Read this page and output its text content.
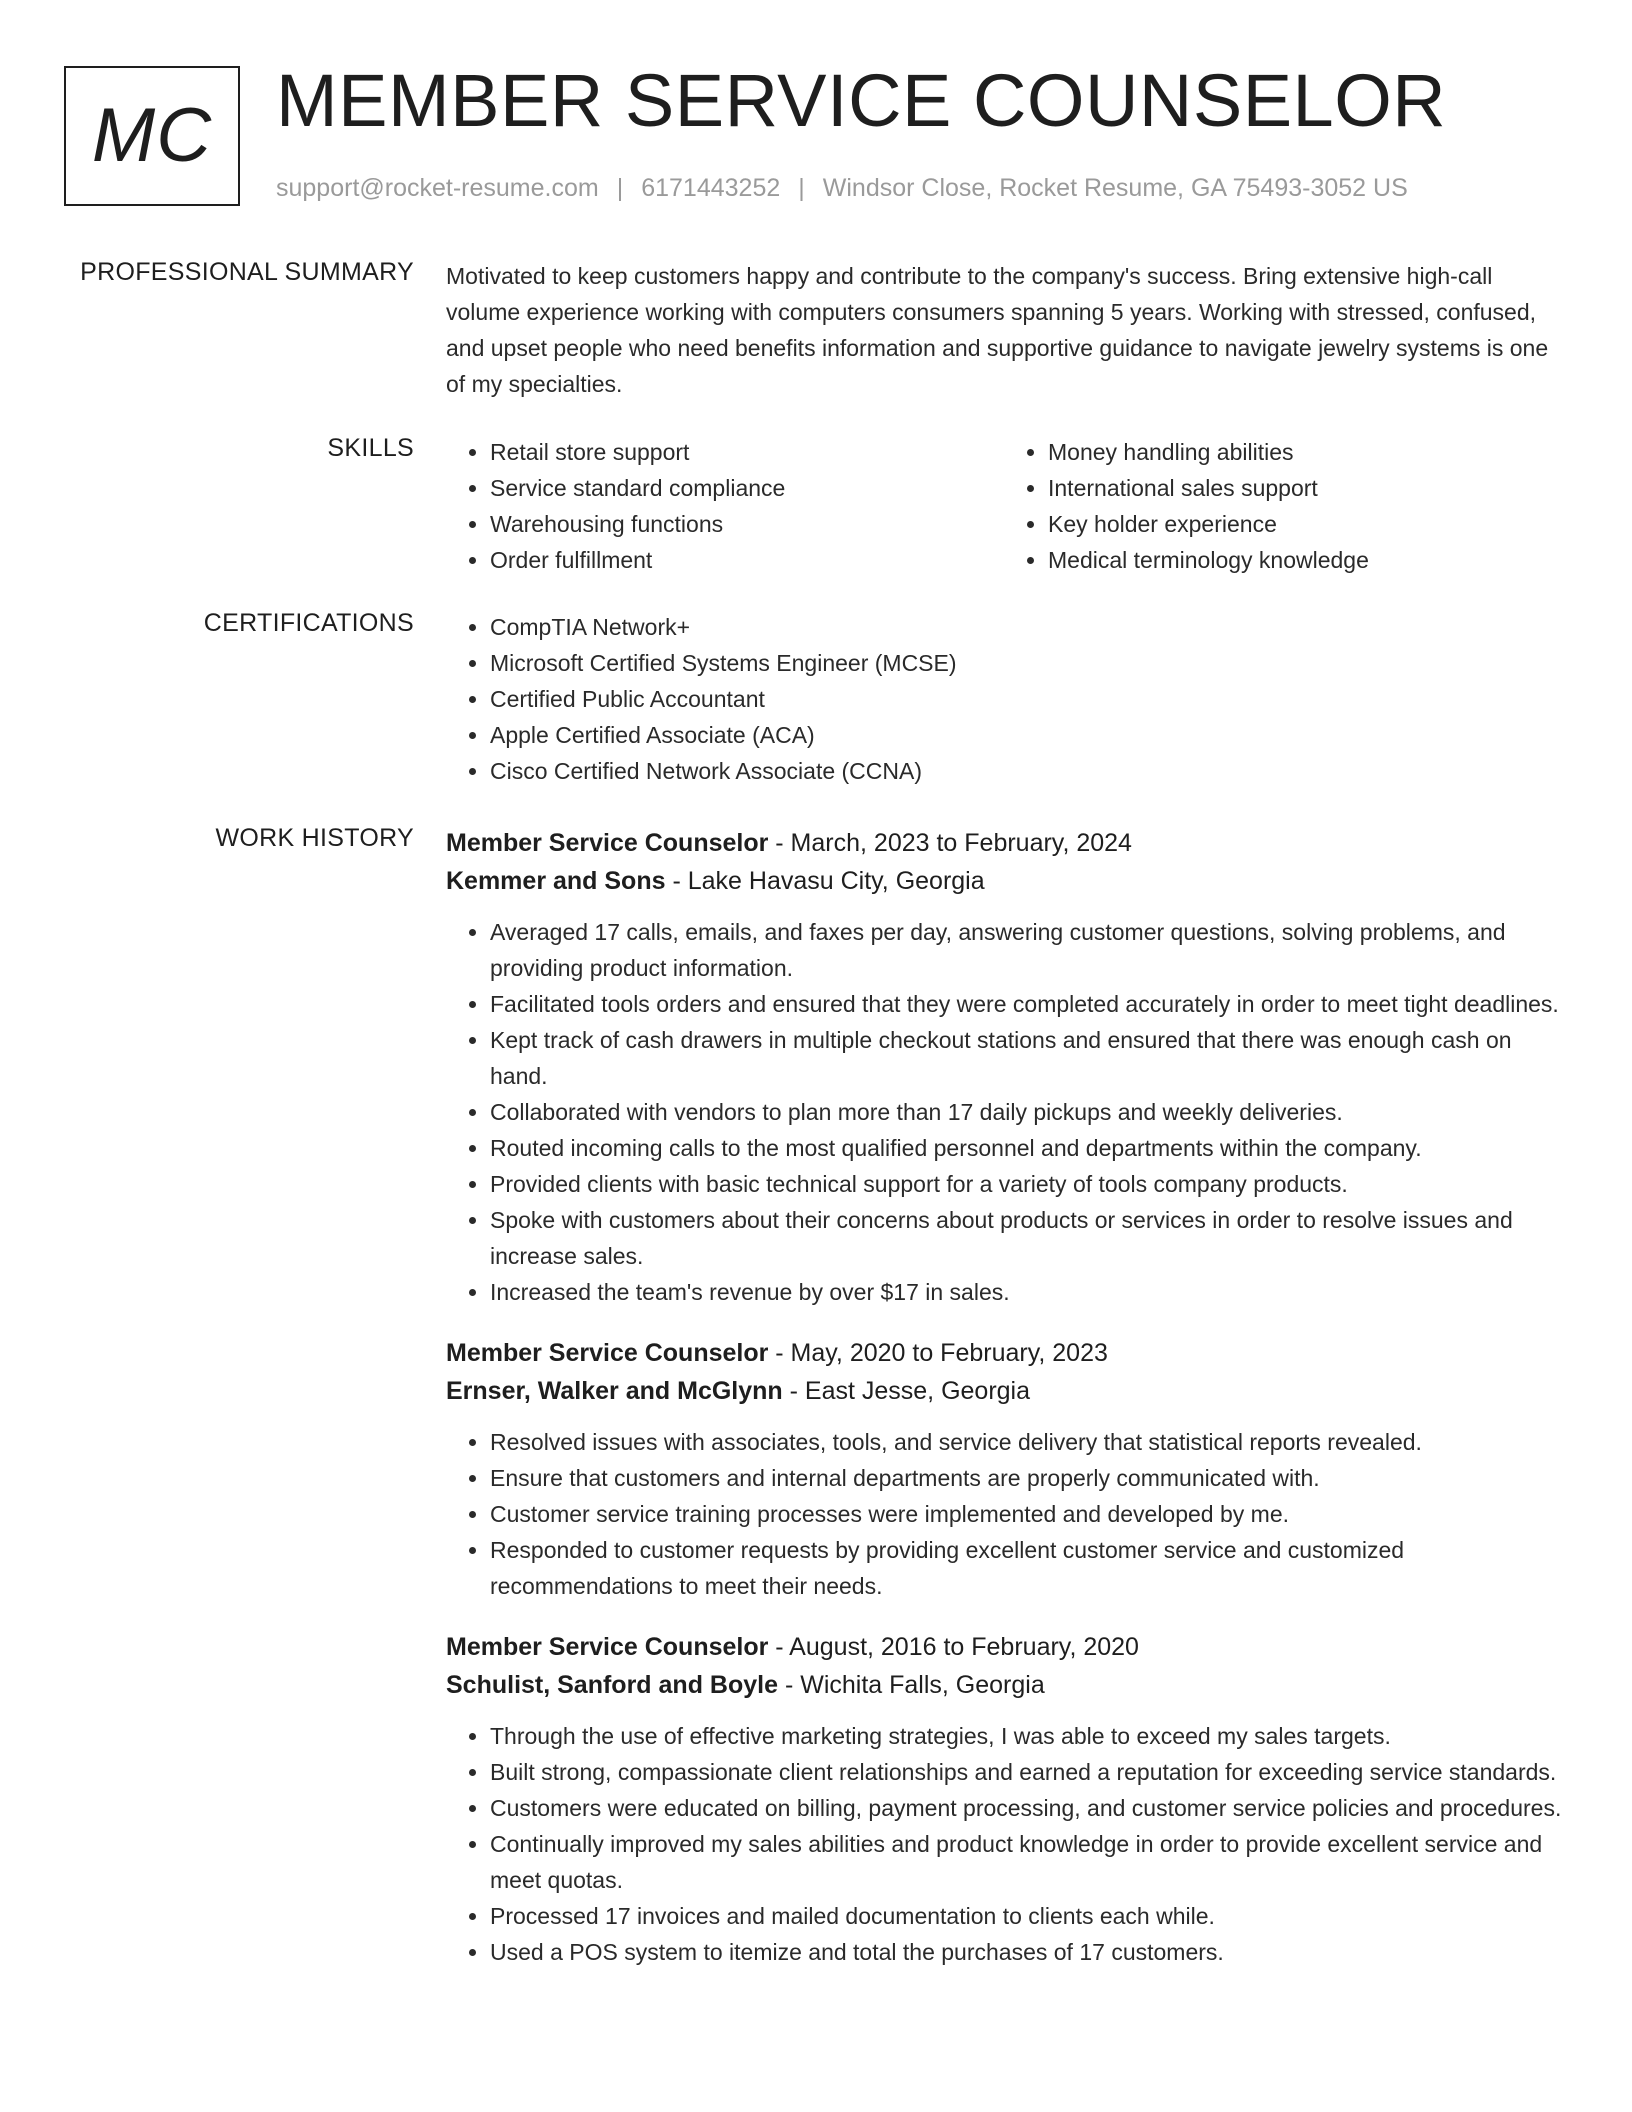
MC MEMBER SERVICE COUNSELOR
support@rocket-resume.com | 6171443252 | Windsor Close, Rocket Resume, GA 75493-3052 US
PROFESSIONAL SUMMARY Motivated to keep customers happy and contribute to the company's success. Bring extensive high-call volume experience working with computers consumers spanning 5 years. Working with stressed, confused, and upset people who need benefits information and supportive guidance to navigate jewelry systems is one of my specialties.

SKILLS	• Retail store support
• Service standard compliance
• Warehousing functions
• Order fulfillment
• Money handling abilities
• International sales support
• Key holder experience
• Medical terminology knowledge
CERTIFICATIONS	• CompTIA Network+
• Microsoft Certified Systems Engineer (MCSE)
• Certified Public Accountant
• Apple Certified Associate (ACA)
• Cisco Certified Network Associate (CCNA)
WORK HISTORY Member Service Counselor - March, 2023 to February, 2024
Kemmer and Sons - Lake Havasu City, Georgia
• Averaged 17 calls, emails, and faxes per day, answering customer questions, solving problems, and providing product information.
• Facilitated tools orders and ensured that they were completed accurately in order to meet tight deadlines.
• Kept track of cash drawers in multiple checkout stations and ensured that there was enough cash on hand.
• Collaborated with vendors to plan more than 17 daily pickups and weekly deliveries.
• Routed incoming calls to the most qualified personnel and departments within the company.
• Provided clients with basic technical support for a variety of tools company products.
• Spoke with customers about their concerns about products or services in order to resolve issues and increase sales.
• Increased the team's revenue by over $17 in sales.
Member Service Counselor - May, 2020 to February, 2023
Ernser, Walker and McGlynn - East Jesse, Georgia
• Resolved issues with associates, tools, and service delivery that statistical reports revealed.
• Ensure that customers and internal departments are properly communicated with.
• Customer service training processes were implemented and developed by me.
• Responded to customer requests by providing excellent customer service and customized recommendations to meet their needs.
Member Service Counselor - August, 2016 to February, 2020
Schulist, Sanford and Boyle - Wichita Falls, Georgia
• Through the use of effective marketing strategies, I was able to exceed my sales targets.
• Built strong, compassionate client relationships and earned a reputation for exceeding service standards.
• Customers were educated on billing, payment processing, and customer service policies and procedures.
• Continually improved my sales abilities and product knowledge in order to provide excellent service and meet quotas.
• Processed 17 invoices and mailed documentation to clients each while.
• Used a POS system to itemize and total the purchases of 17 customers.
